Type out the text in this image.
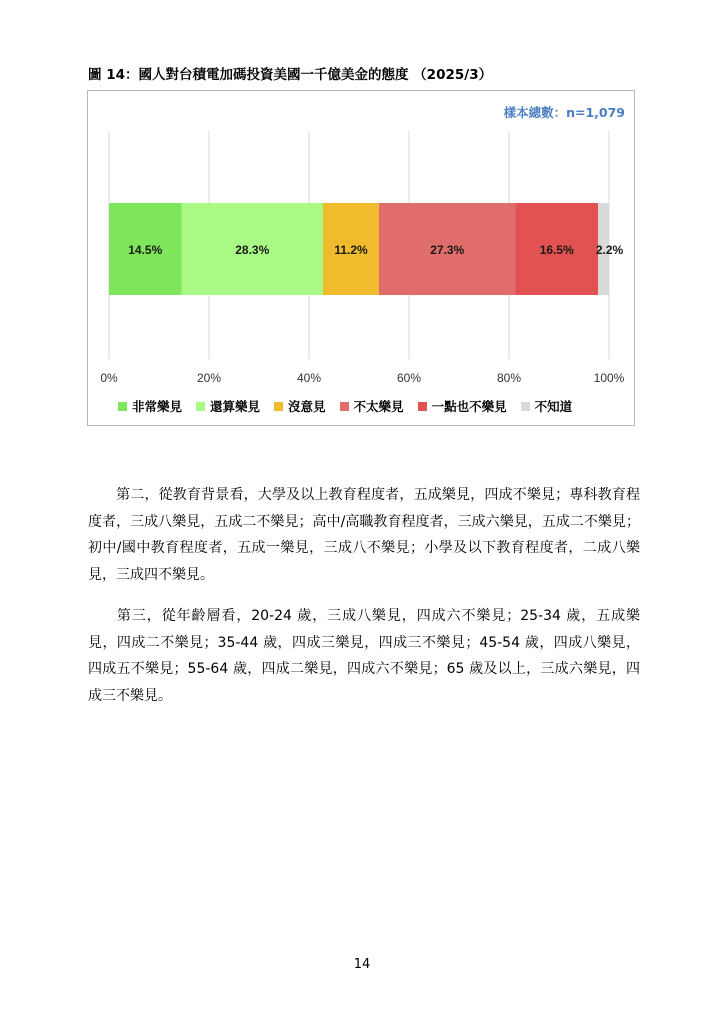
圖 14：國人對台積電加碼投資美國一千億美金的態度 （2025/3）
樣本總數：n=1,079
14.5%	28.3%	11.2%	27.3%	16.5% 2.2%
0%	20%	40%	60%	80%	100%
非常樂見 還算樂見 沒意見 不太樂見 一點也不樂見 不知道
第二，從教育背景看，大學及以上教育程度者，五成樂見，四成不樂見；專科教育程度者，三成八樂見，五成二不樂見；高中/高職教育程度者，三成六樂見，五成二不樂見；初中/國中教育程度者，五成一樂見，三成八不樂見；小學及以下教育程度者，二成八樂見，三成四不樂見。
第三，從年齡層看，20-24 歲，三成八樂見，四成六不樂見；25-34 歲，五成樂見，四成二不樂見；35-44 歲，四成三樂見，四成三不樂見；45-54 歲，四成八樂見，四成五不樂見；55-64 歲，四成二樂見，四成六不樂見；65 歲及以上，三成六樂見，四成三不樂見。
14
